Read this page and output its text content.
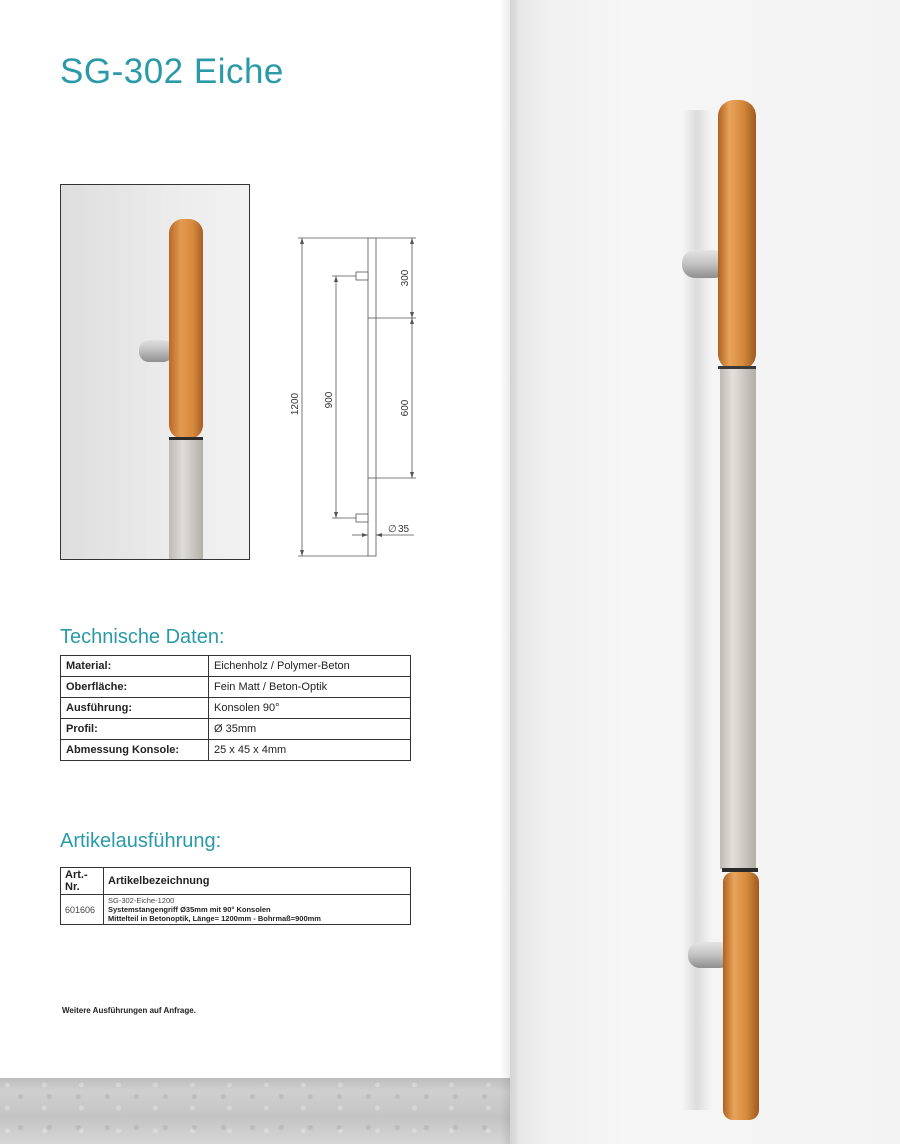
SG-302 Eiche
1200 900
300
600
∅ 35
Technische Daten:
Material:	Eichenholz / Polymer-Beton
Oberfläche:	Fein Matt / Beton-Optik
Ausführung:	Konsolen 90°
Profil:	Ø 35mm
Abmessung Konsole:	25 x 45 x 4mm
Artikelausführung:
Art.-Nr.	Artikelbezeichnung
601606	SG-302-Eiche-1200
Systemstangengriff Ø35mm mit 90° Konsolen
Mittelteil in Betonoptik, Länge= 1200mm - Bohrmaß=900mm

Weitere Ausführungen auf Anfrage.
